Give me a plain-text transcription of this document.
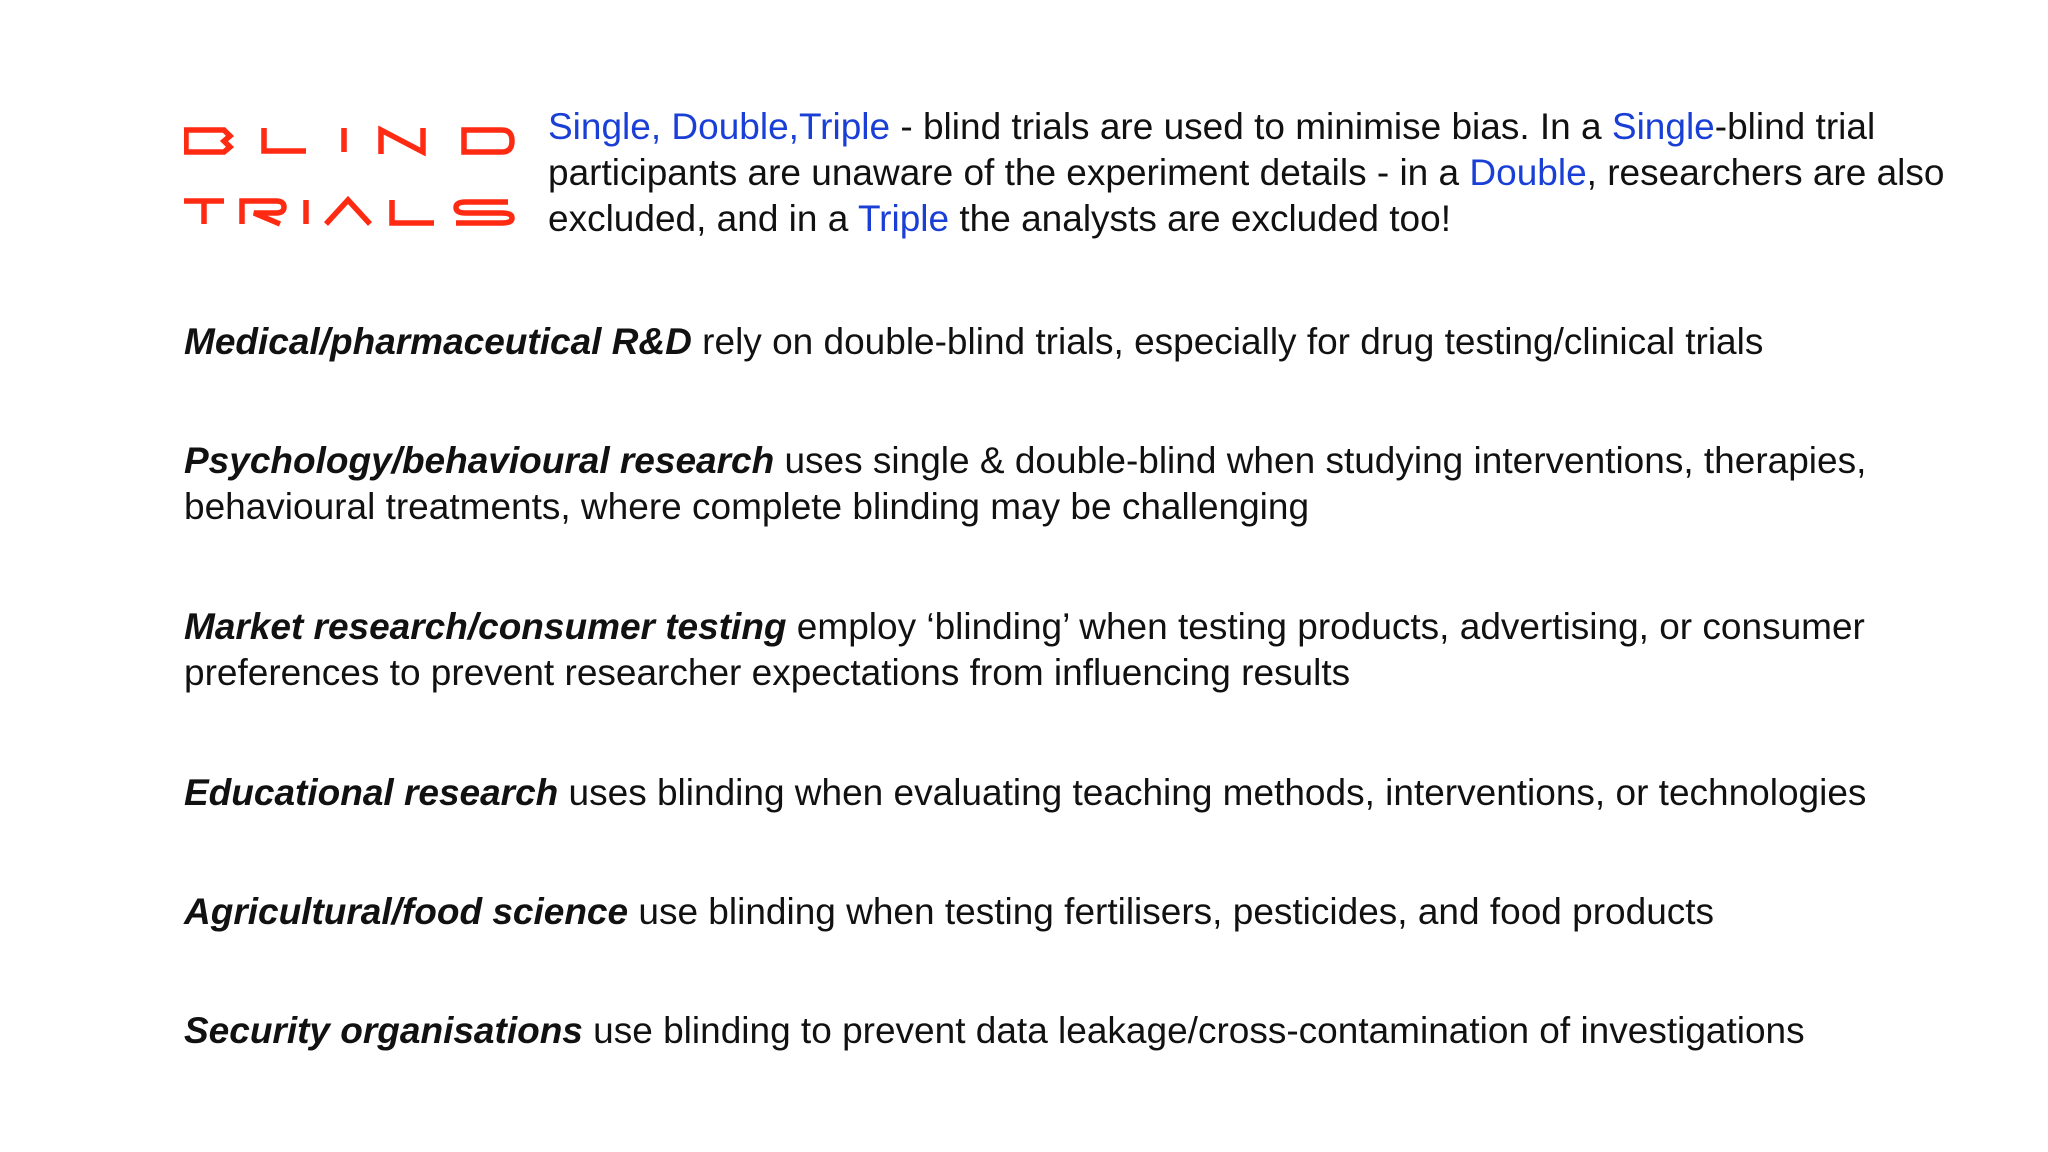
Single, Double,Triple - blind trials are used to minimise bias. In a Single-blind trial participants are unaware of the experiment details - in a Double, researchers are also excluded, and in a Triple the analysts are excluded too!
Medical/pharmaceutical R&D rely on double-blind trials, especially for drug testing/clinical trials
Psychology/behavioural research uses single & double-blind when studying interventions, therapies, behavioural treatments, where complete blinding may be challenging
Market research/consumer testing employ ‘blinding’ when testing products, advertising, or consumer preferences to prevent researcher expectations from influencing results
Educational research uses blinding when evaluating teaching methods, interventions, or technologies
Agricultural/food science use blinding when testing fertilisers, pesticides, and food products
Security organisations use blinding to prevent data leakage/cross-contamination of investigations
